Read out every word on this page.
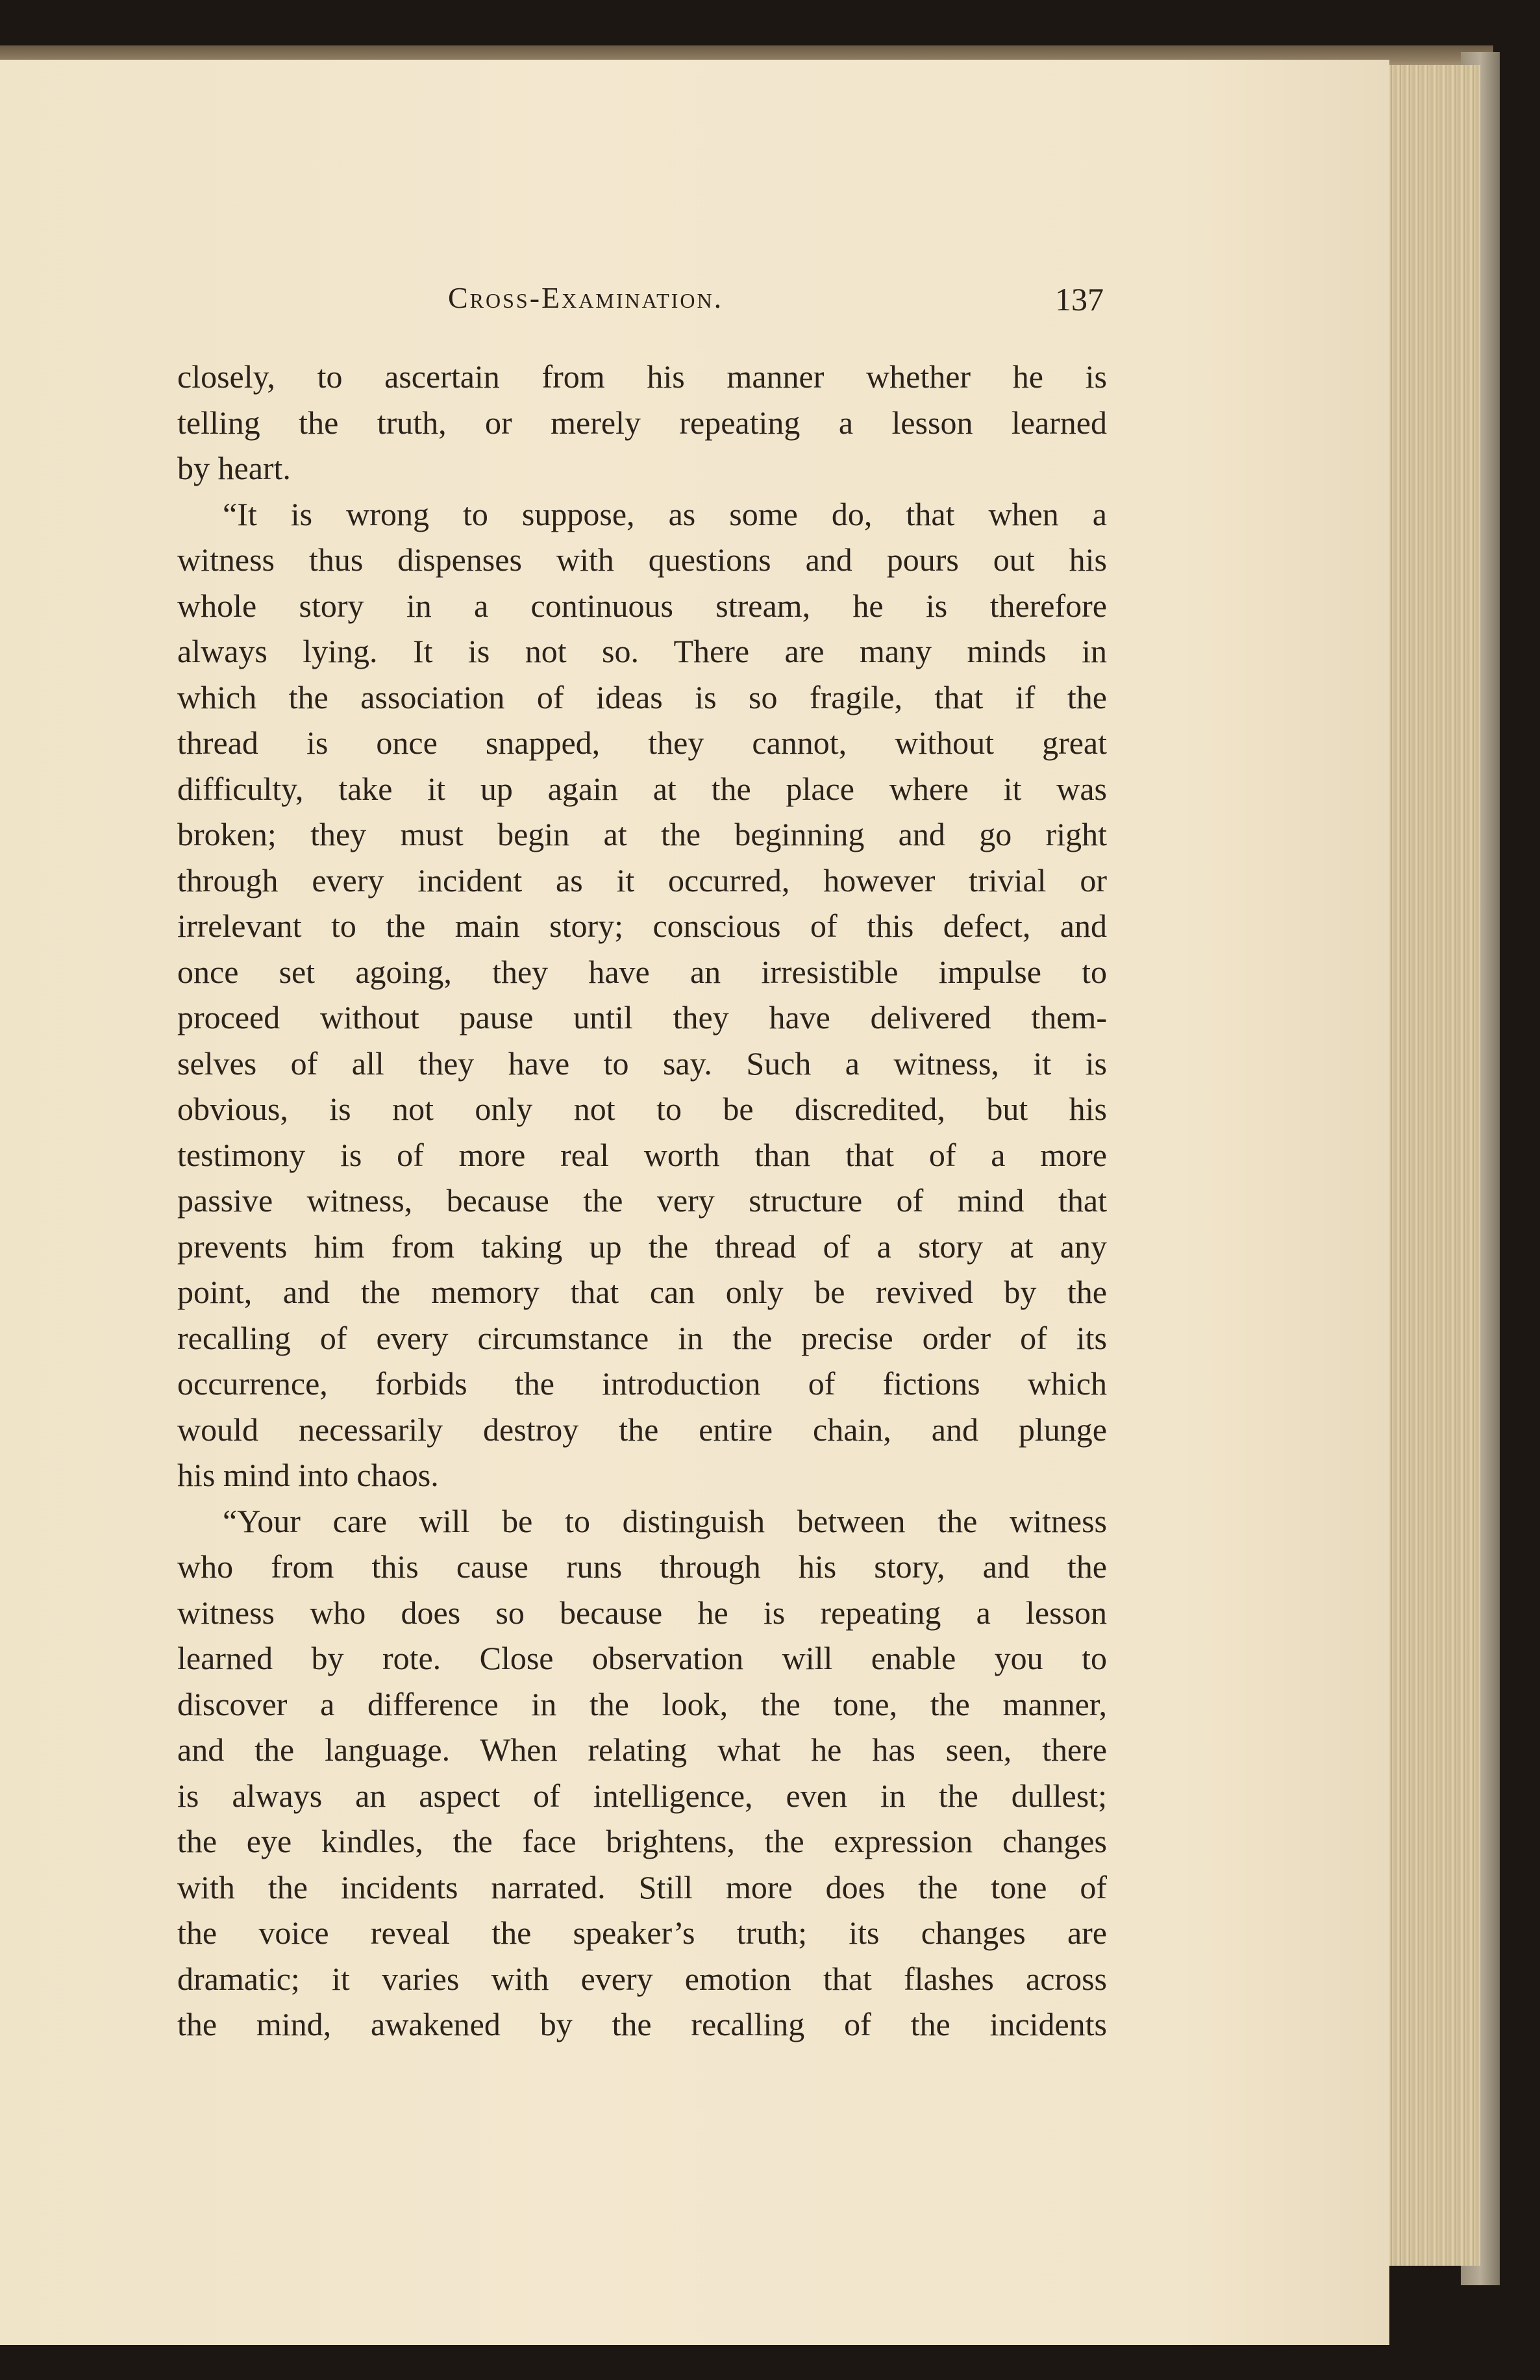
Cross-Examination.	137
closely, to ascertain from his manner whether he is
telling the truth, or merely repeating a lesson learned
by heart.
“It is wrong to suppose, as some do, that when a
witness thus dispenses with questions and pours out his
whole story in a continuous stream, he is therefore
always lying. It is not so. There are many minds in
which the association of ideas is so fragile, that if the
thread is once snapped, they cannot, without great
difficulty, take it up again at the place where it was
broken; they must begin at the beginning and go right
through every incident as it occurred, however trivial or
irrelevant to the main story; conscious of this defect, and
once set agoing, they have an irresistible impulse to
proceed without pause until they have delivered them-
selves of all they have to say. Such a witness, it is
obvious, is not only not to be discredited, but his
testimony is of more real worth than that of a more
passive witness, because the very structure of mind that
prevents him from taking up the thread of a story at any
point, and the memory that can only be revived by the
recalling of every circumstance in the precise order of its
occurrence, forbids the introduction of fictions which
would necessarily destroy the entire chain, and plunge
his mind into chaos.
“Your care will be to distinguish between the witness
who from this cause runs through his story, and the
witness who does so because he is repeating a lesson
learned by rote. Close observation will enable you to
discover a difference in the look, the tone, the manner,
and the language. When relating what he has seen, there
is always an aspect of intelligence, even in the dullest;
the eye kindles, the face brightens, the expression changes
with the incidents narrated. Still more does the tone of
the voice reveal the speaker’s truth; its changes are
dramatic; it varies with every emotion that flashes across
the mind, awakened by the recalling of the incidents
